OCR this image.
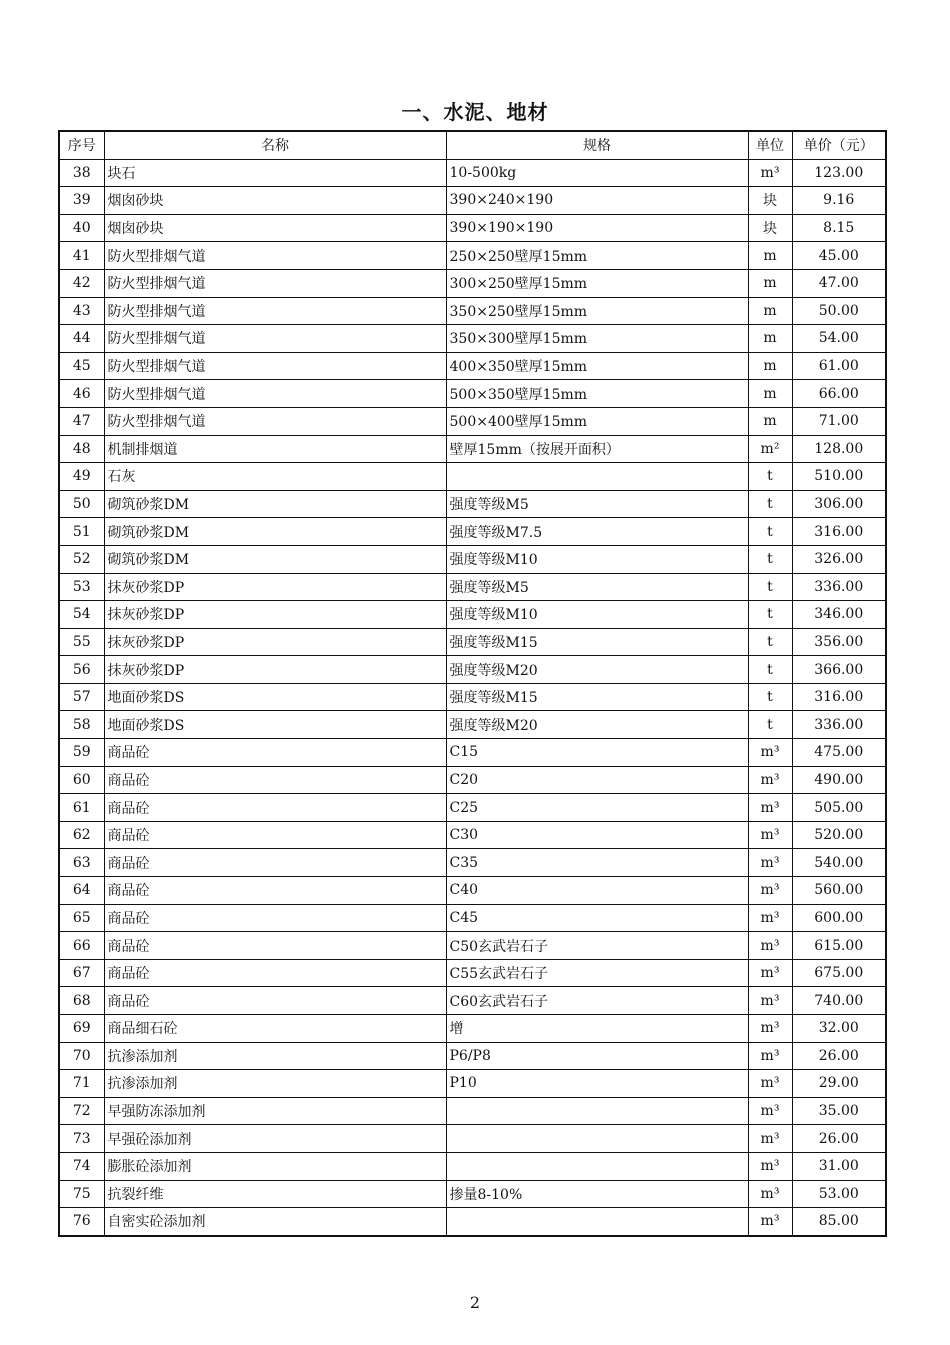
一、水泥、地材
序号	名称	规格	单位	单价（元）
38	块石	10-500kg	m³	123.00
39	烟囱砂块	390×240×190	块	9.16
40	烟囱砂块	390×190×190	块	8.15
41	防火型排烟气道	250×250壁厚15mm	m	45.00
42	防火型排烟气道	300×250壁厚15mm	m	47.00
43	防火型排烟气道	350×250壁厚15mm	m	50.00
44	防火型排烟气道	350×300壁厚15mm	m	54.00
45	防火型排烟气道	400×350壁厚15mm	m	61.00
46	防火型排烟气道	500×350壁厚15mm	m	66.00
47	防火型排烟气道	500×400壁厚15mm	m	71.00
48	机制排烟道	壁厚15mm（按展开面积）	m²	128.00
49	石灰		t	510.00
50	砌筑砂浆DM	强度等级M5	t	306.00
51	砌筑砂浆DM	强度等级M7.5	t	316.00
52	砌筑砂浆DM	强度等级M10	t	326.00
53	抹灰砂浆DP	强度等级M5	t	336.00
54	抹灰砂浆DP	强度等级M10	t	346.00
55	抹灰砂浆DP	强度等级M15	t	356.00
56	抹灰砂浆DP	强度等级M20	t	366.00
57	地面砂浆DS	强度等级M15	t	316.00
58	地面砂浆DS	强度等级M20	t	336.00
59	商品砼	C15	m³	475.00
60	商品砼	C20	m³	490.00
61	商品砼	C25	m³	505.00
62	商品砼	C30	m³	520.00
63	商品砼	C35	m³	540.00
64	商品砼	C40	m³	560.00
65	商品砼	C45	m³	600.00
66	商品砼	C50玄武岩石子	m³	615.00
67	商品砼	C55玄武岩石子	m³	675.00
68	商品砼	C60玄武岩石子	m³	740.00
69	商品细石砼	增	m³	32.00
70	抗渗添加剂	P6/P8	m³	26.00
71	抗渗添加剂	P10	m³	29.00
72	早强防冻添加剂		m³	35.00
73	早强砼添加剂		m³	26.00
74	膨胀砼添加剂		m³	31.00
75	抗裂纤维	掺量8-10%	m³	53.00
76	自密实砼添加剂		m³	85.00
2
